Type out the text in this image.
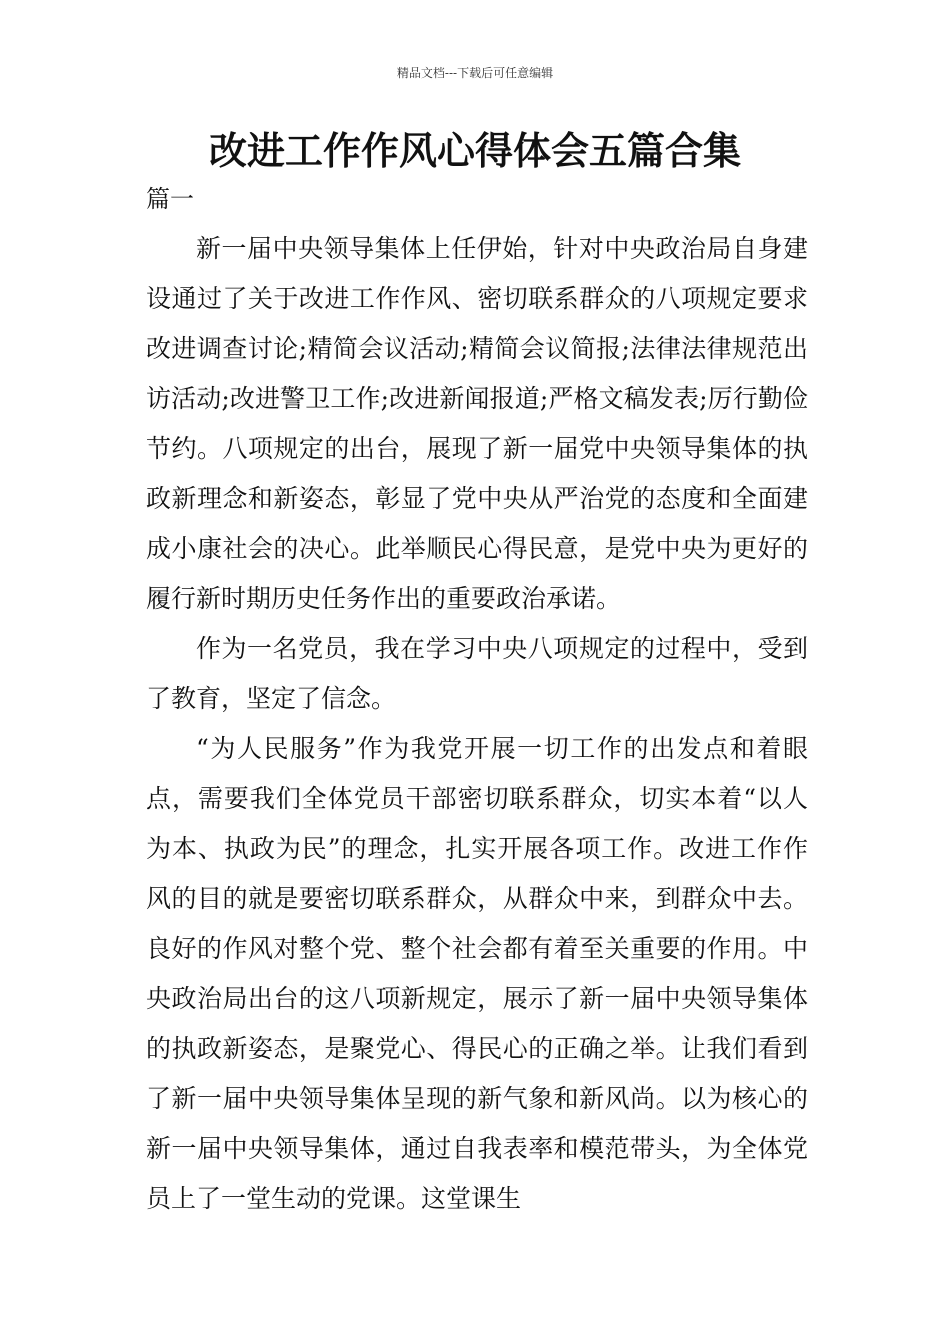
精品文档---下载后可任意编辑
改进工作作风心得体会五篇合集
篇一

新一届中央领导集体上任伊始，针对中央政治局自身建设通过了关于改进工作作风、密切联系群众的八项规定要求改进调查讨论;精简会议活动;精简会议简报;法律法律规范出访活动;改进警卫工作;改进新闻报道;严格文稿发表;厉行勤俭节约。八项规定的出台，展现了新一届党中央领导集体的执政新理念和新姿态，彰显了党中央从严治党的态度和全面建成小康社会的决心。此举顺民心得民意，是党中央为更好的履行新时期历史任务作出的重要政治承诺。

作为一名党员，我在学习中央八项规定的过程中，受到了教育，坚定了信念。

“为人民服务”作为我党开展一切工作的出发点和着眼点，需要我们全体党员干部密切联系群众，切实本着“以人为本、执政为民”的理念，扎实开展各项工作。改进工作作风的目的就是要密切联系群众，从群众中来，到群众中去。良好的作风对整个党、整个社会都有着至关重要的作用。中央政治局出台的这八项新规定，展示了新一届中央领导集体的执政新姿态，是聚党心、得民心的正确之举。让我们看到了新一届中央领导集体呈现的新气象和新风尚。以为核心的新一届中央领导集体，通过自我表率和模范带头，为全体党员上了一堂生动的党课。这堂课生
